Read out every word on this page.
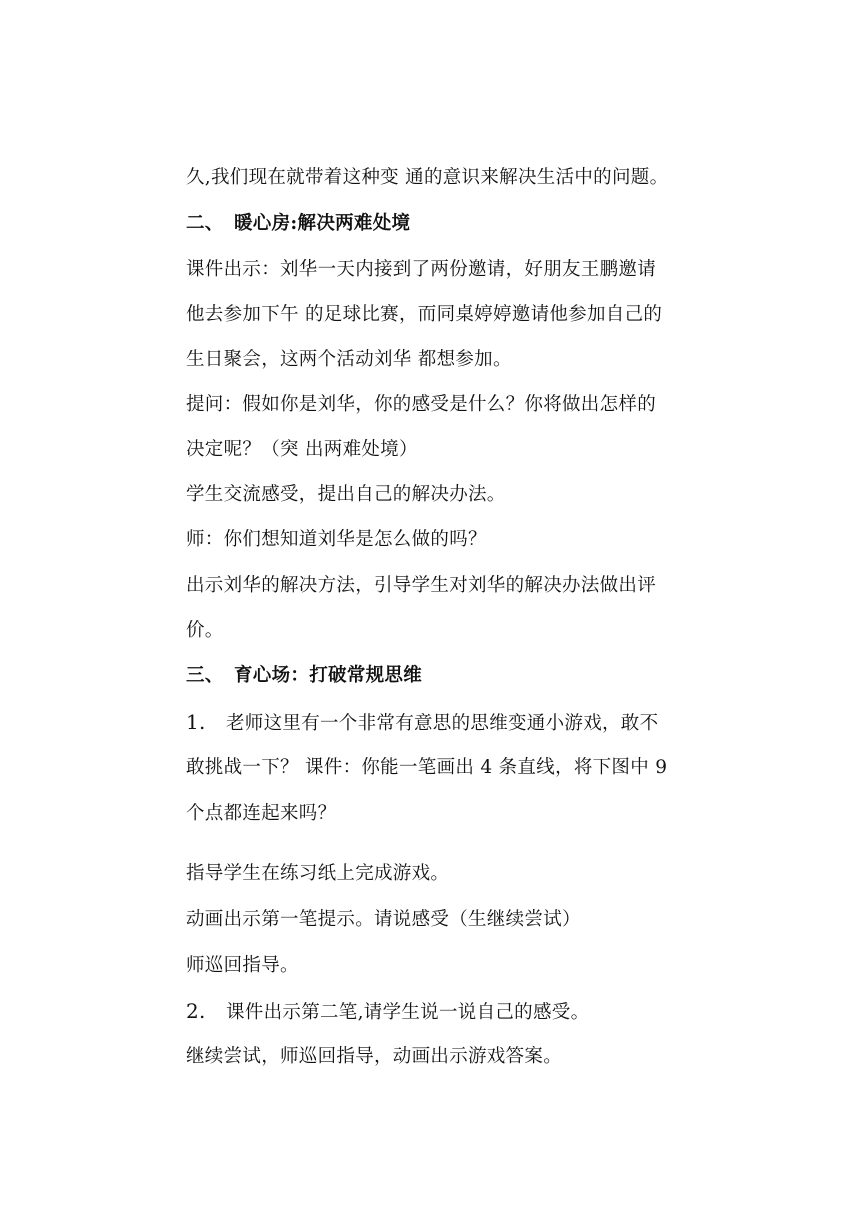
久,我们现在就带着这种变 通的意识来解决生活中的问题。
二、 暖心房:解决两难处境
课件出示：刘华一天内接到了两份邀请，好朋友王鹏邀请
他去参加下午 的足球比赛，而同桌婷婷邀请他参加自己的
生日聚会，这两个活动刘华 都想参加。
提问：假如你是刘华，你的感受是什么？你将做出怎样的
决定呢？（突 出两难处境）
学生交流感受，提出自己的解决办法。
师：你们想知道刘华是怎么做的吗？
出示刘华的解决方法，引导学生对刘华的解决办法做出评
价。
三、 育心场：打破常规思维
1. 老师这里有一个非常有意思的思维变通小游戏，敢不
敢挑战一下？ 课件：你能一笔画出 4 条直线，将下图中 9
个点都连起来吗？
指导学生在练习纸上完成游戏。
动画出示第一笔提示。请说感受（生继续尝试）
师巡回指导。
2. 课件出示第二笔,请学生说一说自己的感受。
继续尝试，师巡回指导，动画出示游戏答案。
